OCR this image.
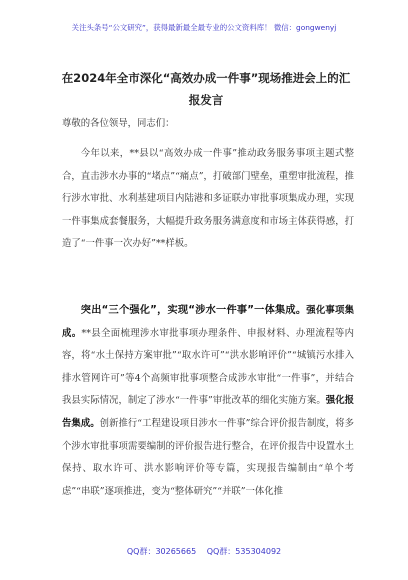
关注头条号“公文研究”，获得最新最全最专业的公文资料库！ 微信：gongwenyj
在2024年全市深化“高效办成一件事”现场推进会上的汇报发言
尊敬的各位领导，同志们：
今年以来，**县以“高效办成一件事”推动政务服务事项主题式整合，直击涉水办事的“堵点”“痛点”，打破部门壁垒，重塑审批流程，推行涉水审批、水利基建项目内陆港和多证联办审批事项集成办理，实现一件事集成套餐服务，大幅提升政务服务满意度和市场主体获得感，打造了“一件事一次办好”**样板。
突出“三个强化”，实现“涉水一件事”一体集成。强化事项集成。**县全面梳理涉水审批事项办理条件、申报材料、办理流程等内容，将“水土保持方案审批”“取水许可”“洪水影响评价”“城镇污水排入排水管网许可”等4个高频审批事项整合成涉水审批“一件事”，并结合我县实际情况，制定了涉水“一件事”审批改革的细化实施方案。强化报告集成。创新推行“工程建设项目涉水一件事”综合评价报告制度，将多个涉水审批事项需要编制的评价报告进行整合，在评价报告中设置水土保持、取水许可、洪水影响评价等专篇，实现报告编制由“单个考虑”“串联”逐项推进，变为“整体研究”“并联”一体化推
QQ群：30265665 QQ群：535304092
